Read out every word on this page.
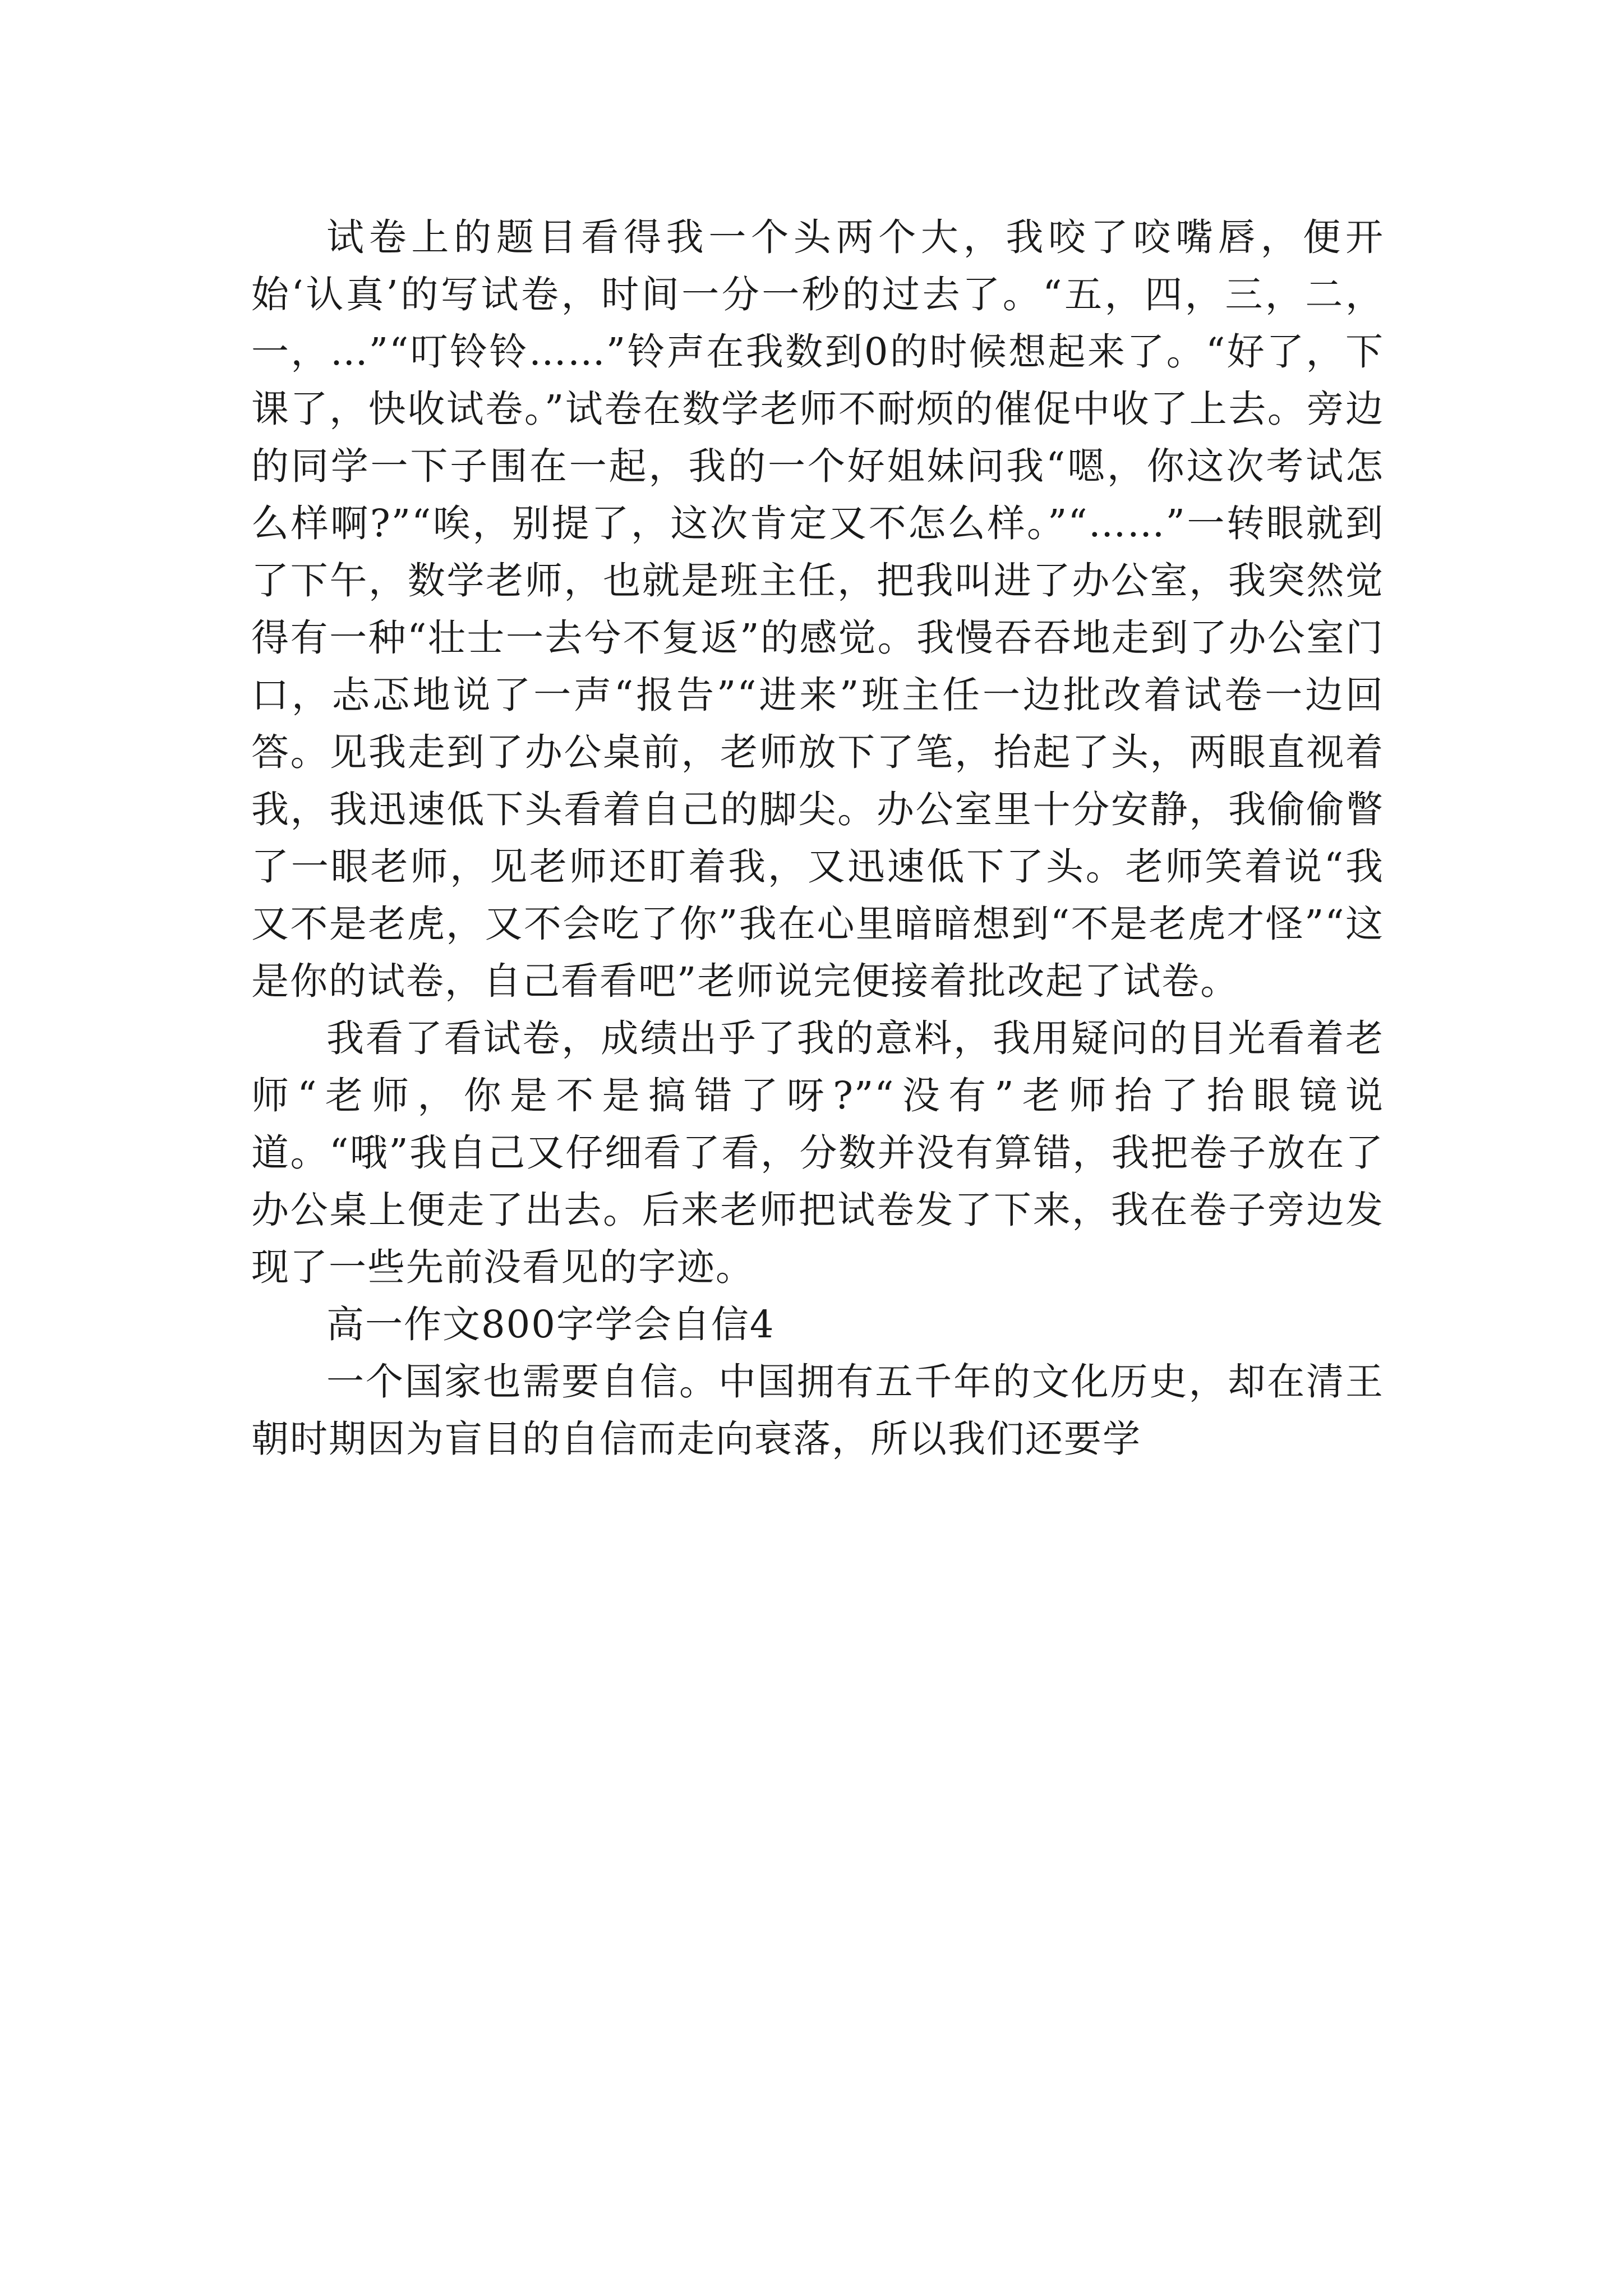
试卷上的题目看得我一个头两个大，我咬了咬嘴唇，便开始‘认真’的写试卷，时间一分一秒的过去了。“五，四，三，二，一，…”“叮铃铃……”铃声在我数到0的时候想起来了。“好了，下课了，快收试卷。”试卷在数学老师不耐烦的催促中收了上去。旁边的同学一下子围在一起，我的一个好姐妹问我“嗯，你这次考试怎么样啊?”“唉，别提了，这次肯定又不怎么样。”“……”一转眼就到了下午，数学老师，也就是班主任，把我叫进了办公室，我突然觉得有一种“壮士一去兮不复返”的感觉。我慢吞吞地走到了办公室门口，忐忑地说了一声“报告”“进来”班主任一边批改着试卷一边回答。见我走到了办公桌前，老师放下了笔，抬起了头，两眼直视着我，我迅速低下头看着自己的脚尖。办公室里十分安静，我偷偷瞥了一眼老师，见老师还盯着我，又迅速低下了头。老师笑着说“我又不是老虎，又不会吃了你”我在心里暗暗想到“不是老虎才怪”“这是你的试卷，自己看看吧”老师说完便接着批改起了试卷。

我看了看试卷，成绩出乎了我的意料，我用疑问的目光看着老师“老师，你是不是搞错了呀?”“没有”老师抬了抬眼镜说道。“哦”我自己又仔细看了看，分数并没有算错，我把卷子放在了办公桌上便走了出去。后来老师把试卷发了下来，我在卷子旁边发现了一些先前没看见的字迹。

高一作文800字学会自信4

一个国家也需要自信。中国拥有五千年的文化历史，却在清王朝时期因为盲目的自信而走向衰落，所以我们还要学
